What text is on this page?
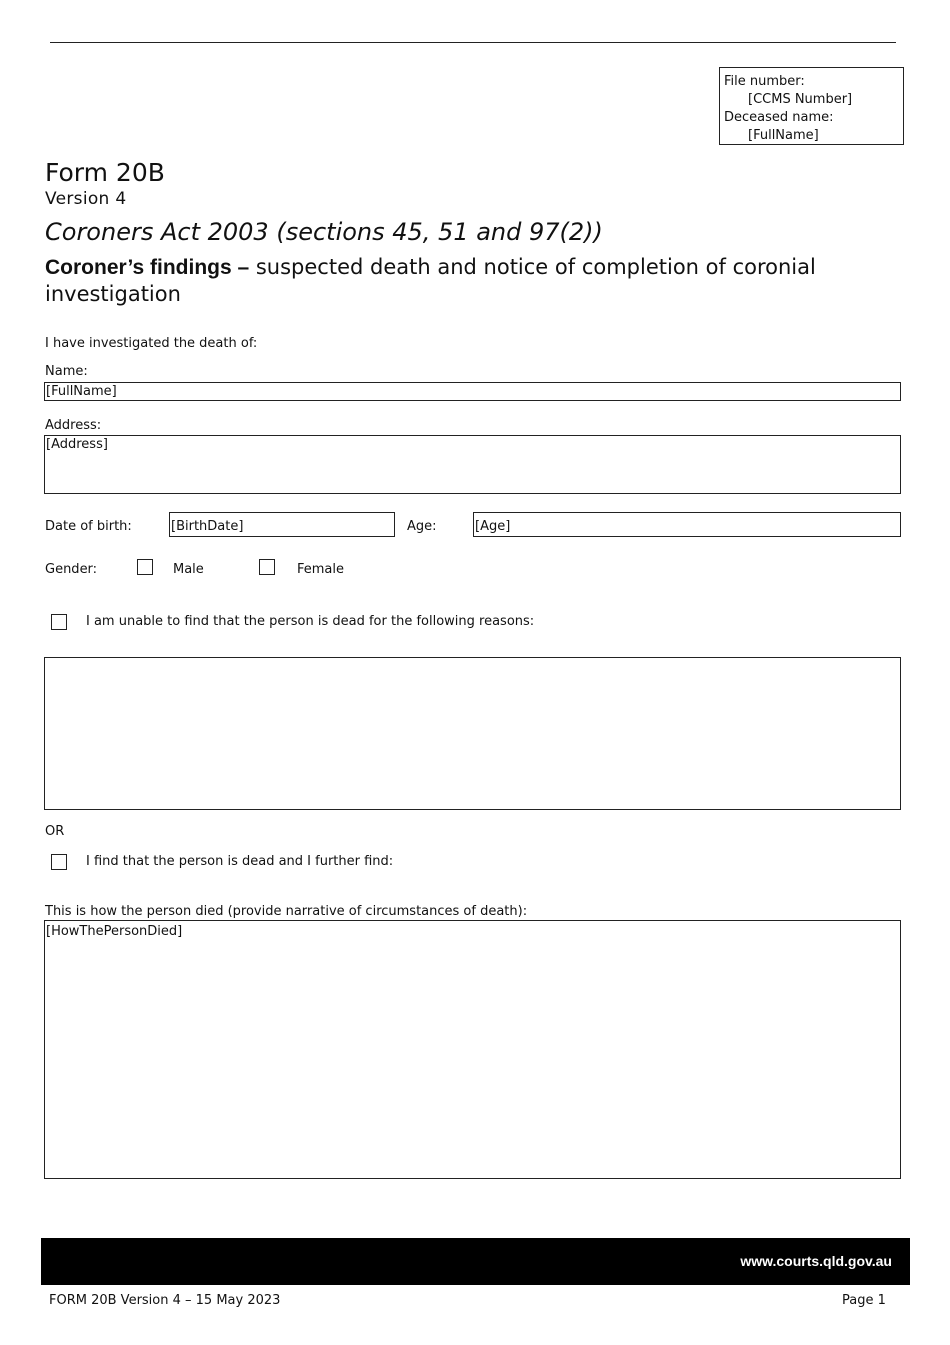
File number:
[CCMS Number]
Deceased name:
[FullName]
Form 20B
Version 4
Coroners Act 2003 (sections 45, 51 and 97(2))
Coroner’s findings – suspected death and notice of completion of coronial investigation
I have investigated the death of:
Name:
[FullName]
Address:
[Address]
Date of birth:	[BirthDate]	Age:	[Age]
Gender:	Male	Female
I am unable to find that the person is dead for the following reasons:
OR
I find that the person is dead and I further find:
This is how the person died (provide narrative of circumstances of death):
[HowThePersonDied]
www.courts.qld.gov.au
FORM 20B Version 4 – 15 May 2023	Page 1
